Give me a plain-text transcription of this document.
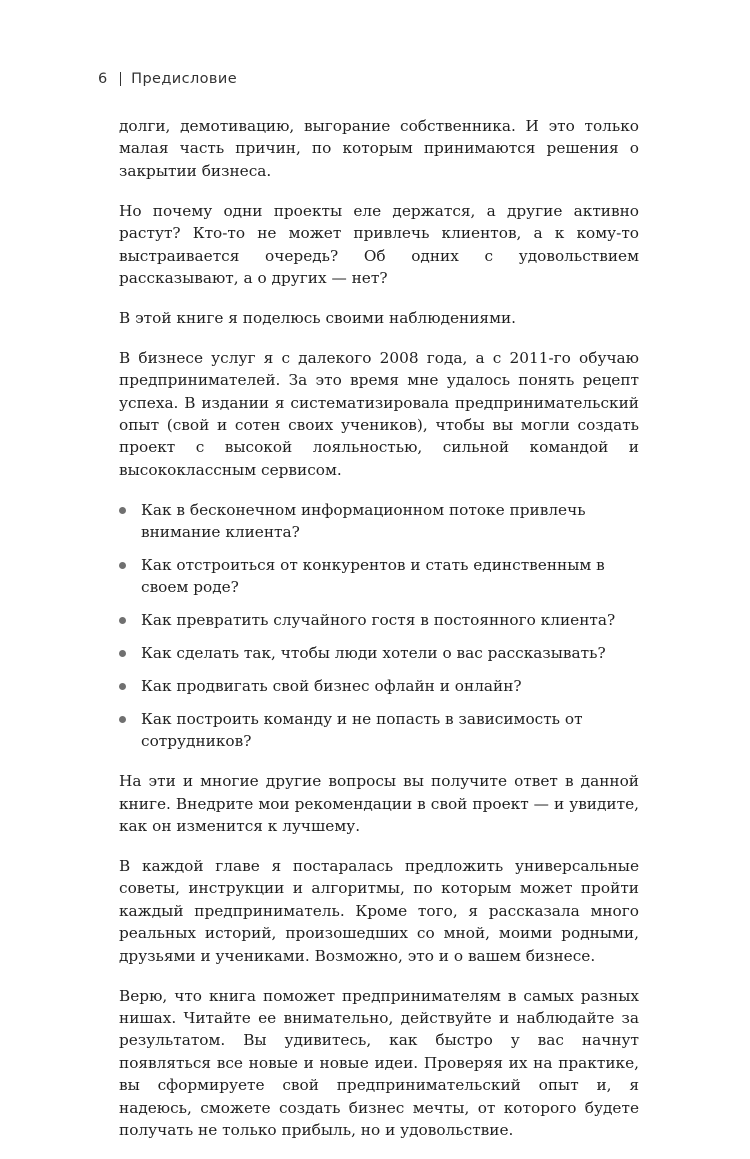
6 Предисловие

долги, демотивацию, выгорание собственника. И это только малая часть причин, по которым принимаются решения о закрытии бизнеса.

Но почему одни проекты еле держатся, а другие активно растут? Кто-то не может привлечь клиентов, а к кому-то выстраивается очередь? Об одних с удовольствием рассказывают, а о других — нет?

В этой книге я поделюсь своими наблюдениями.

В бизнесе услуг я с далекого 2008 года, а с 2011-го обучаю предпринимателей. За это время мне удалось понять рецепт успеха. В издании я систематизировала предпринимательский опыт (свой и сотен своих учеников), чтобы вы могли создать проект с высокой лояльностью, сильной командой и высококлассным сервисом.

Как в бесконечном информационном потоке привлечь внимание клиента?
Как отстроиться от конкурентов и стать единственным в своем роде?
Как превратить случайного гостя в постоянного клиента?
Как сделать так, чтобы люди хотели о вас рассказывать?
Как продвигать свой бизнес офлайн и онлайн?
Как построить команду и не попасть в зависимость от сотрудников?

На эти и многие другие вопросы вы получите ответ в данной книге. Внедрите мои рекомендации в свой проект — и увидите, как он изменится к лучшему.

В каждой главе я постаралась предложить универсальные советы, инструкции и алгоритмы, по которым может пройти каждый предприниматель. Кроме того, я рассказала много реальных историй, произошедших со мной, моими родными, друзьями и учениками. Возможно, это и о вашем бизнесе.

Верю, что книга поможет предпринимателям в самых разных нишах. Читайте ее внимательно, действуйте и наблюдайте за результатом. Вы удивитесь, как быстро у вас начнут появляться все новые и новые идеи. Проверяя их на практике, вы сформируете свой предпринимательский опыт и, я надеюсь, сможете создать бизнес мечты, от которого будете получать не только прибыль, но и удовольствие.
